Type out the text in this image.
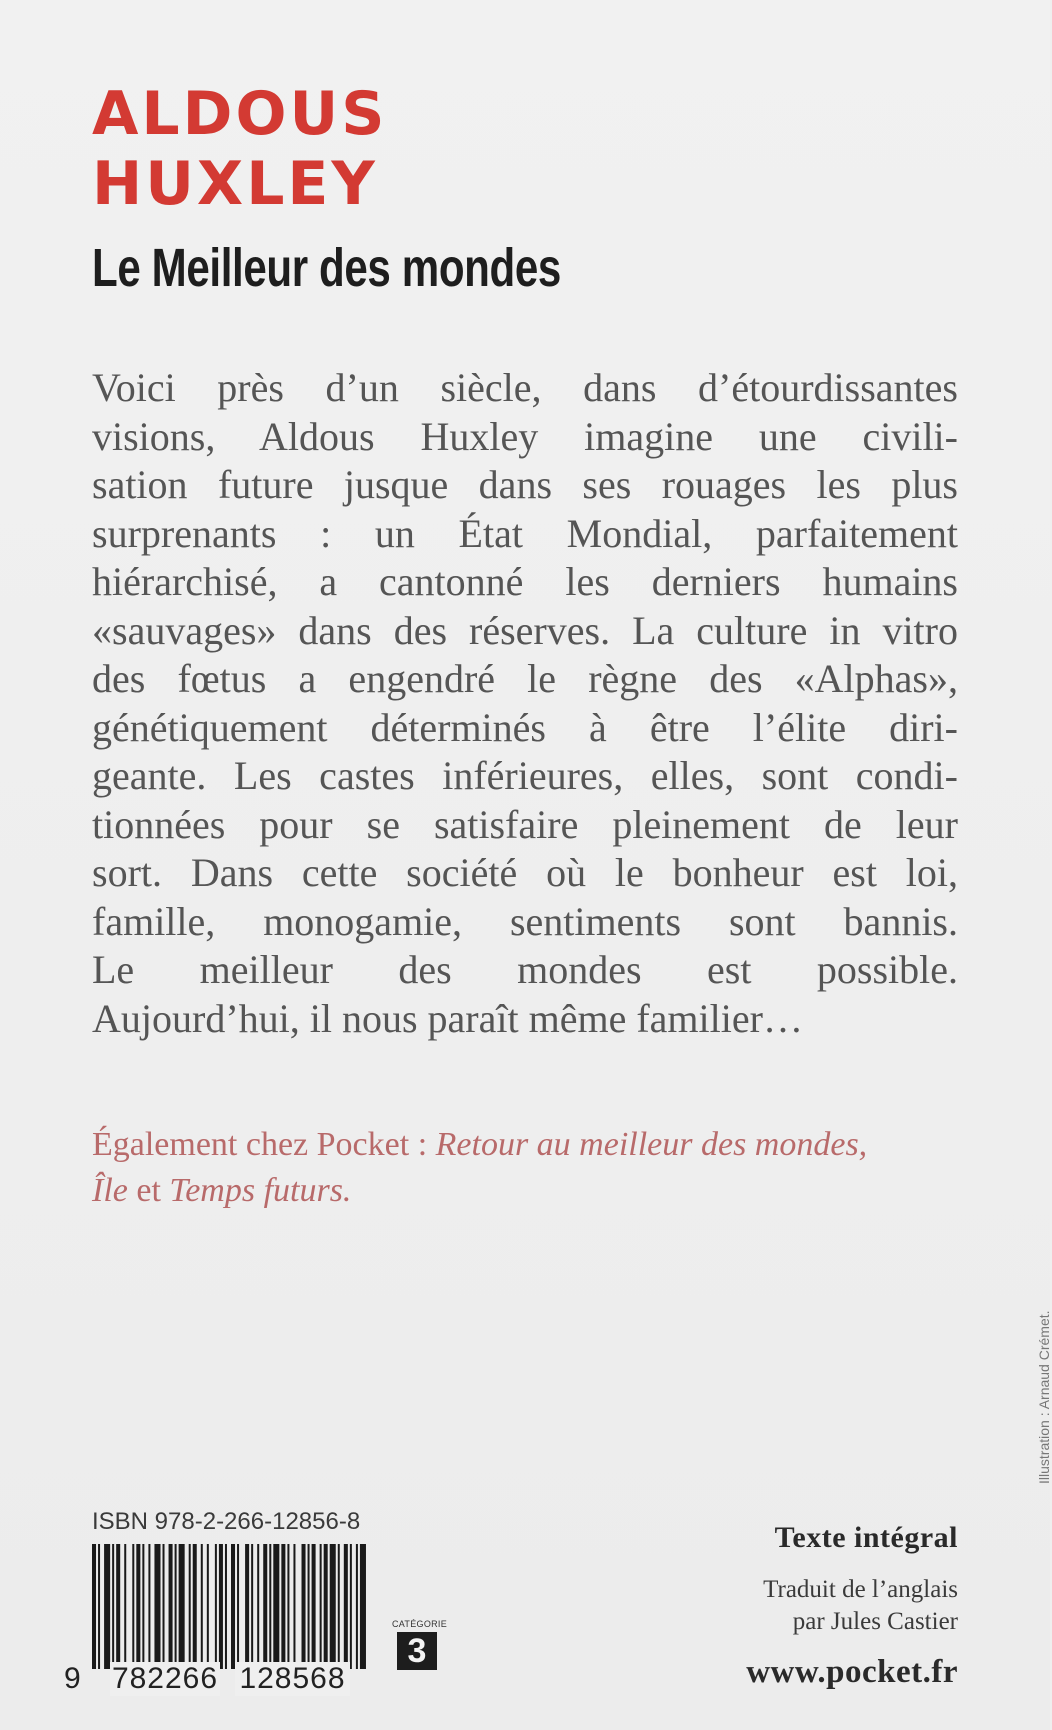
ALDOUS
HUXLEY
Le Meilleur des mondes
Voici près d’un siècle, dans d’étourdissantes
visions, Aldous Huxley imagine une civili-
sation future jusque dans ses rouages les plus
surprenants : un État Mondial, parfaitement
hiérarchisé, a cantonné les derniers humains
«sauvages» dans des réserves. La culture in vitro
des fœtus a engendré le règne des «Alphas»,
génétiquement déterminés à être l’élite diri-
geante. Les castes inférieures, elles, sont condi-
tionnées pour se satisfaire pleinement de leur
sort. Dans cette société où le bonheur est loi,
famille, monogamie, sentiments sont bannis.
Le meilleur des mondes est possible.
Aujourd’hui, il nous paraît même familier…
Également chez Pocket : Retour au meilleur des mondes,
Île et Temps futurs.
ISBN 978-2-266-12856-8
9 782266 128568
CATÉGORIE
3
Texte intégral
Traduit de l’anglais
par Jules Castier
www.pocket.fr
Illustration : Arnaud Crémet.
